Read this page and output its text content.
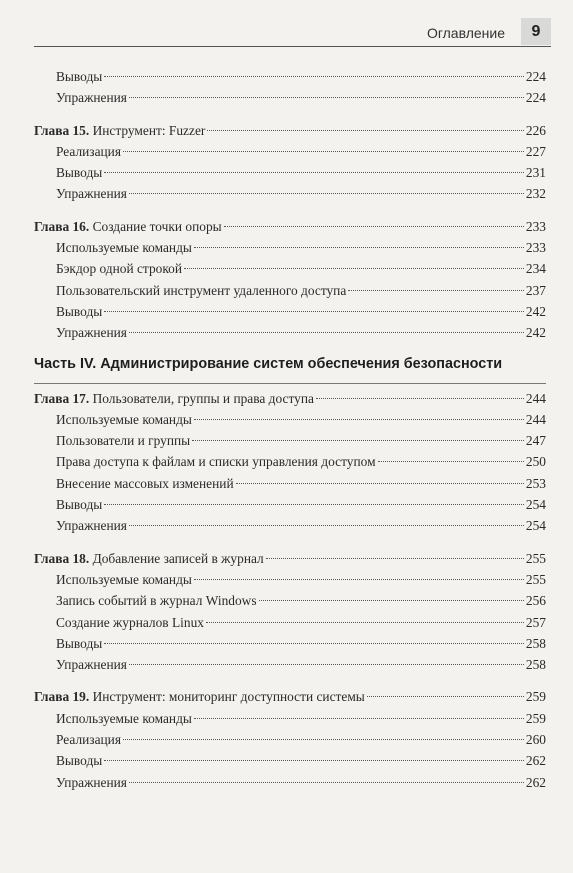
Оглавление	9
Выводы	224
Упражнения	224
Глава 15. Инструмент: Fuzzer	226
Реализация	227
Выводы	231
Упражнения	232
Глава 16. Создание точки опоры	233
Используемые команды	233
Бэкдор одной строкой	234
Пользовательский инструмент удаленного доступа	237
Выводы	242
Упражнения	242
Часть IV. Администрирование систем обеспечения безопасности
Глава 17. Пользователи, группы и права доступа	244
Используемые команды	244
Пользователи и группы	247
Права доступа к файлам и списки управления доступом	250
Внесение массовых изменений	253
Выводы	254
Упражнения	254
Глава 18. Добавление записей в журнал	255
Используемые команды	255
Запись событий в журнал Windows	256
Создание журналов Linux	257
Выводы	258
Упражнения	258
Глава 19. Инструмент: мониторинг доступности системы	259
Используемые команды	259
Реализация	260
Выводы	262
Упражнения	262
